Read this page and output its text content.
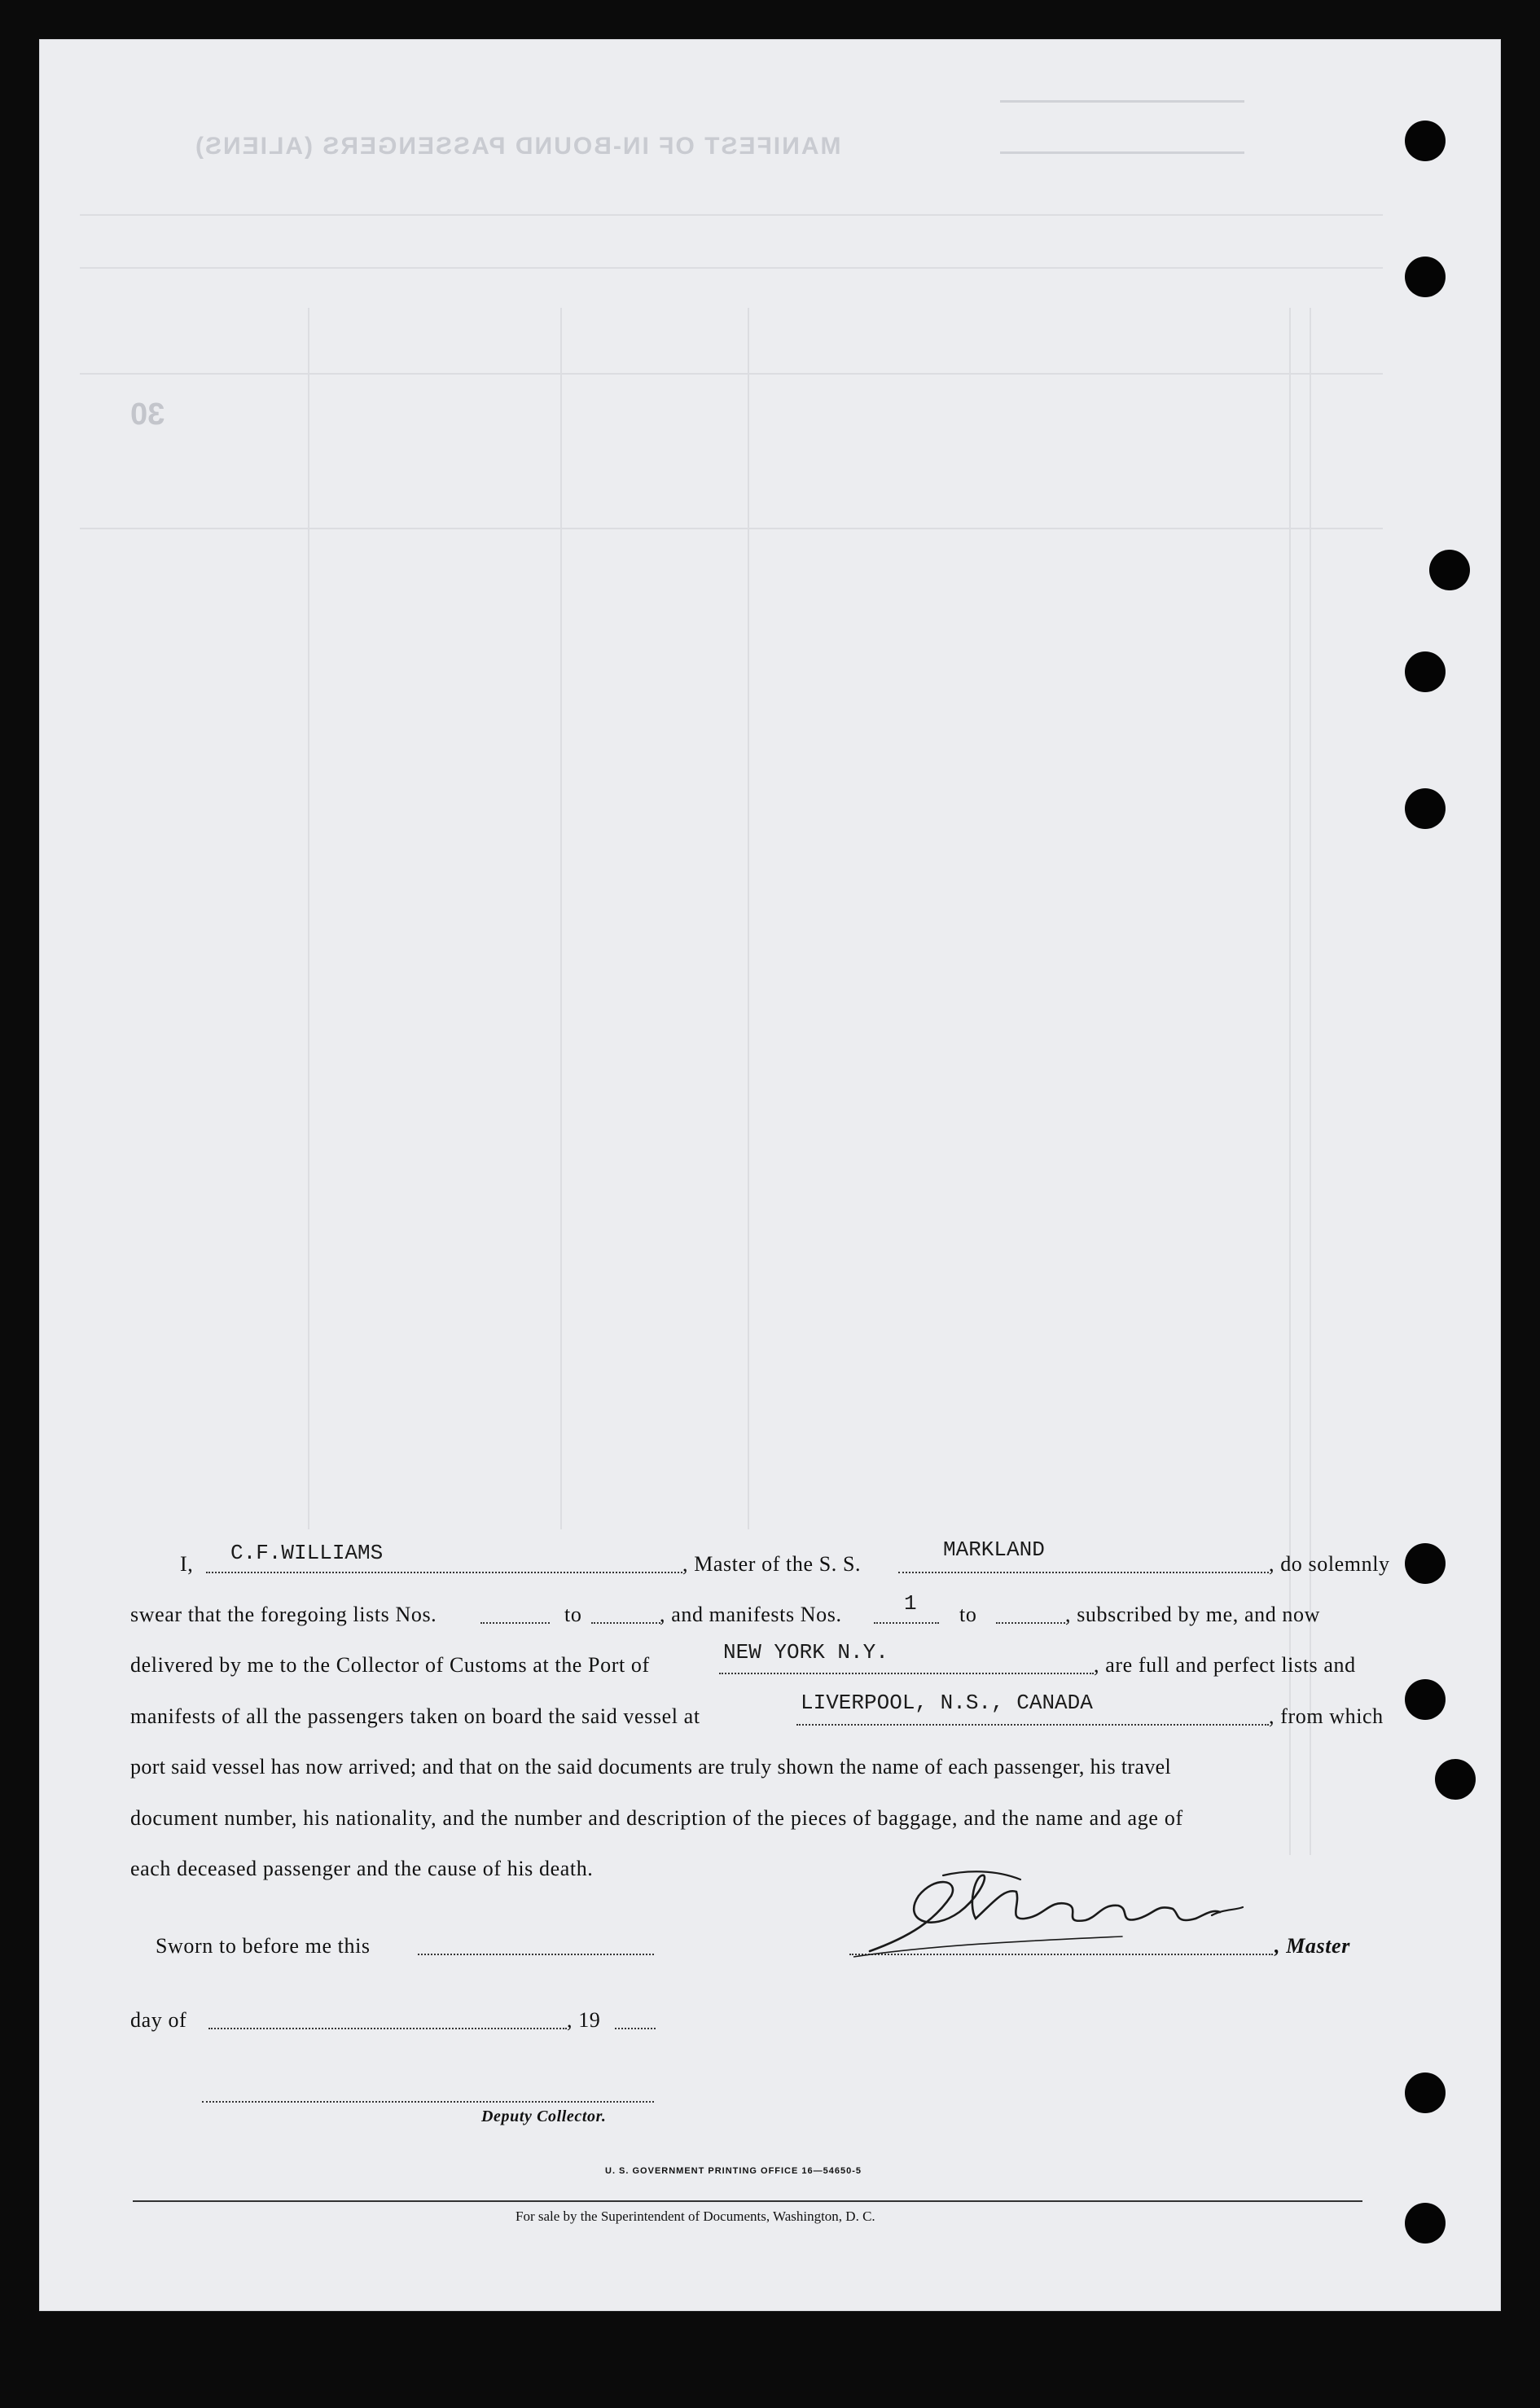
MANIFEST OF IN-BOUND PASSENGERS (ALIENS)
30
I, C.F.WILLIAMS	, Master of the S. S.
MARKLAND
, do solemnly
swear that the foregoing lists Nos.	to	, and manifests Nos.	1 to	, subscribed by me, and now
delivered by me to the Collector of Customs at the Port of
NEW YORK N.Y.
, are full and perfect lists and
manifests of all the passengers taken on board the said vessel at
LIVERPOOL, N.S., CANADA
, from which
port said vessel has now arrived; and that on the said documents are truly shown the name of each passenger, his travel
document number, his nationality, and the number and description of the pieces of baggage, and the name and age of
each deceased passenger and the cause of his death.
Sworn to before me this	, Master
day of	, 19
Deputy Collector.
U. S. GOVERNMENT PRINTING OFFICE 16—54650-5
For sale by the Superintendent of Documents, Washington, D. C.
